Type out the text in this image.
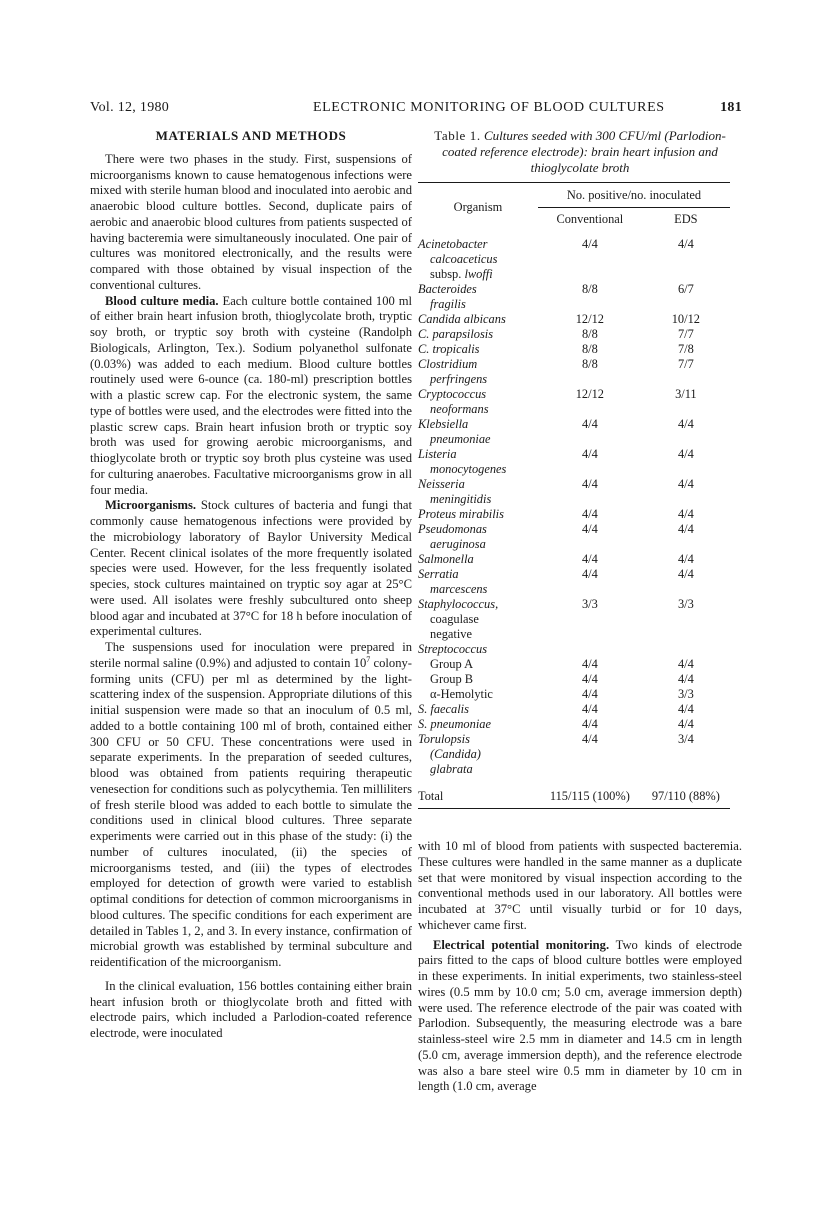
Vol. 12, 1980	ELECTRONIC MONITORING OF BLOOD CULTURES	181
MATERIALS AND METHODS

There were two phases in the study. First, suspensions of microorganisms known to cause hematogenous infections were mixed with sterile human blood and inoculated into aerobic and anaerobic blood culture bottles. Second, duplicate pairs of aerobic and anaerobic blood cultures from patients suspected of having bacteremia were simultaneously inoculated. One pair of cultures was monitored electronically, and the results were compared with those obtained by visual inspection of the conventional cultures.

Blood culture media. Each culture bottle contained 100 ml of either brain heart infusion broth, thioglycolate broth, tryptic soy broth, or tryptic soy broth with cysteine (Randolph Biologicals, Arlington, Tex.). Sodium polyanethol sulfonate (0.03%) was added to each medium. Blood culture bottles routinely used were 6-ounce (ca. 180-ml) prescription bottles with a plastic screw cap. For the electronic system, the same type of bottles were used, and the electrodes were fitted into the plastic screw caps. Brain heart infusion broth or tryptic soy broth was used for growing aerobic microorganisms, and thioglycolate broth or tryptic soy broth plus cysteine was used for culturing anaerobes. Facultative microorganisms grow in all four media.

Microorganisms. Stock cultures of bacteria and fungi that commonly cause hematogenous infections were provided by the microbiology laboratory of Baylor University Medical Center. Recent clinical isolates of the more frequently isolated species were used. However, for the less frequently isolated species, stock cultures maintained on tryptic soy agar at 25°C were used. All isolates were freshly subcultured onto sheep blood agar and incubated at 37°C for 18 h before inoculation of experimental cultures.

The suspensions used for inoculation were prepared in sterile normal saline (0.9%) and adjusted to contain $10^7$ colony-forming units (CFU) per ml as determined by the light-scattering index of the suspension. Appropriate dilutions of this initial suspension were made so that an inoculum of 0.5 ml, added to a bottle containing 100 ml of broth, contained either 300 CFU or 50 CFU. These concentrations were used in separate experiments. In the preparation of seeded cultures, blood was obtained from patients requiring therapeutic venesection for conditions such as polycythemia. Ten milliliters of fresh sterile blood was added to each bottle to simulate the conditions used in clinical blood cultures. Three separate experiments were carried out in this phase of the study: (i) the number of cultures inoculated, (ii) the species of microorganisms tested, and (iii) the types of electrodes employed for detection of growth were varied to establish optimal conditions for detection of common microorganisms in blood cultures. The specific conditions for each experiment are detailed in Tables 1, 2, and 3. In every instance, confirmation of microbial growth was established by terminal subculture and reidentification of the microorganism.

In the clinical evaluation, 156 bottles containing either brain heart infusion broth or thioglycolate broth and fitted with electrode pairs, which included a Parlodion-coated reference electrode, were inoculated

Table 1. Cultures seeded with 300 CFU/ml (Parlodion-coated reference electrode): brain heart infusion and thioglycolate broth
Organism	No. positive/no. inoculated	
	Conventional	EDS
Acinetobacter
calcoaceticus
subsp. lwoffi	4/4	4/4
Bacteroides
fragilis	8/8	6/7
Candida albicans	12/12	10/12
C. parapsilosis	8/8	7/7
C. tropicalis	8/8	7/8
Clostridium
perfringens	8/8	7/7
Cryptococcus
neoformans	12/12	3/11
Klebsiella
pneumoniae	4/4	4/4
Listeria
monocytogenes	4/4	4/4
Neisseria
meningitidis	4/4	4/4
Proteus mirabilis	4/4	4/4
Pseudomonas
aeruginosa	4/4	4/4
Salmonella	4/4	4/4
Serratia
marcescens	4/4	4/4
Staphylococcus,
coagulase
negative	3/3	3/3
Streptococcus		
Group A	4/4	4/4
Group B	4/4	4/4
α-Hemolytic	4/4	3/3
S. faecalis	4/4	4/4
S. pneumoniae	4/4	4/4
Torulopsis
(Candida)
glabrata	4/4	3/4
Total	115/115 (100%)	97/110 (88%)

with 10 ml of blood from patients with suspected bacteremia. These cultures were handled in the same manner as a duplicate set that were monitored by visual inspection according to the conventional methods used in our laboratory. All bottles were incubated at 37°C until visually turbid or for 10 days, whichever came first.

Electrical potential monitoring. Two kinds of electrode pairs fitted to the caps of blood culture bottles were employed in these experiments. In initial experiments, two stainless-steel wires (0.5 mm by 10.0 cm; 5.0 cm, average immersion depth) were used. The reference electrode of the pair was coated with Parlodion. Subsequently, the measuring electrode was a bare stainless-steel wire 2.5 mm in diameter and 14.5 cm in length (5.0 cm, average immersion depth), and the reference electrode was also a bare steel wire 0.5 mm in diameter by 10 cm in length (1.0 cm, average
